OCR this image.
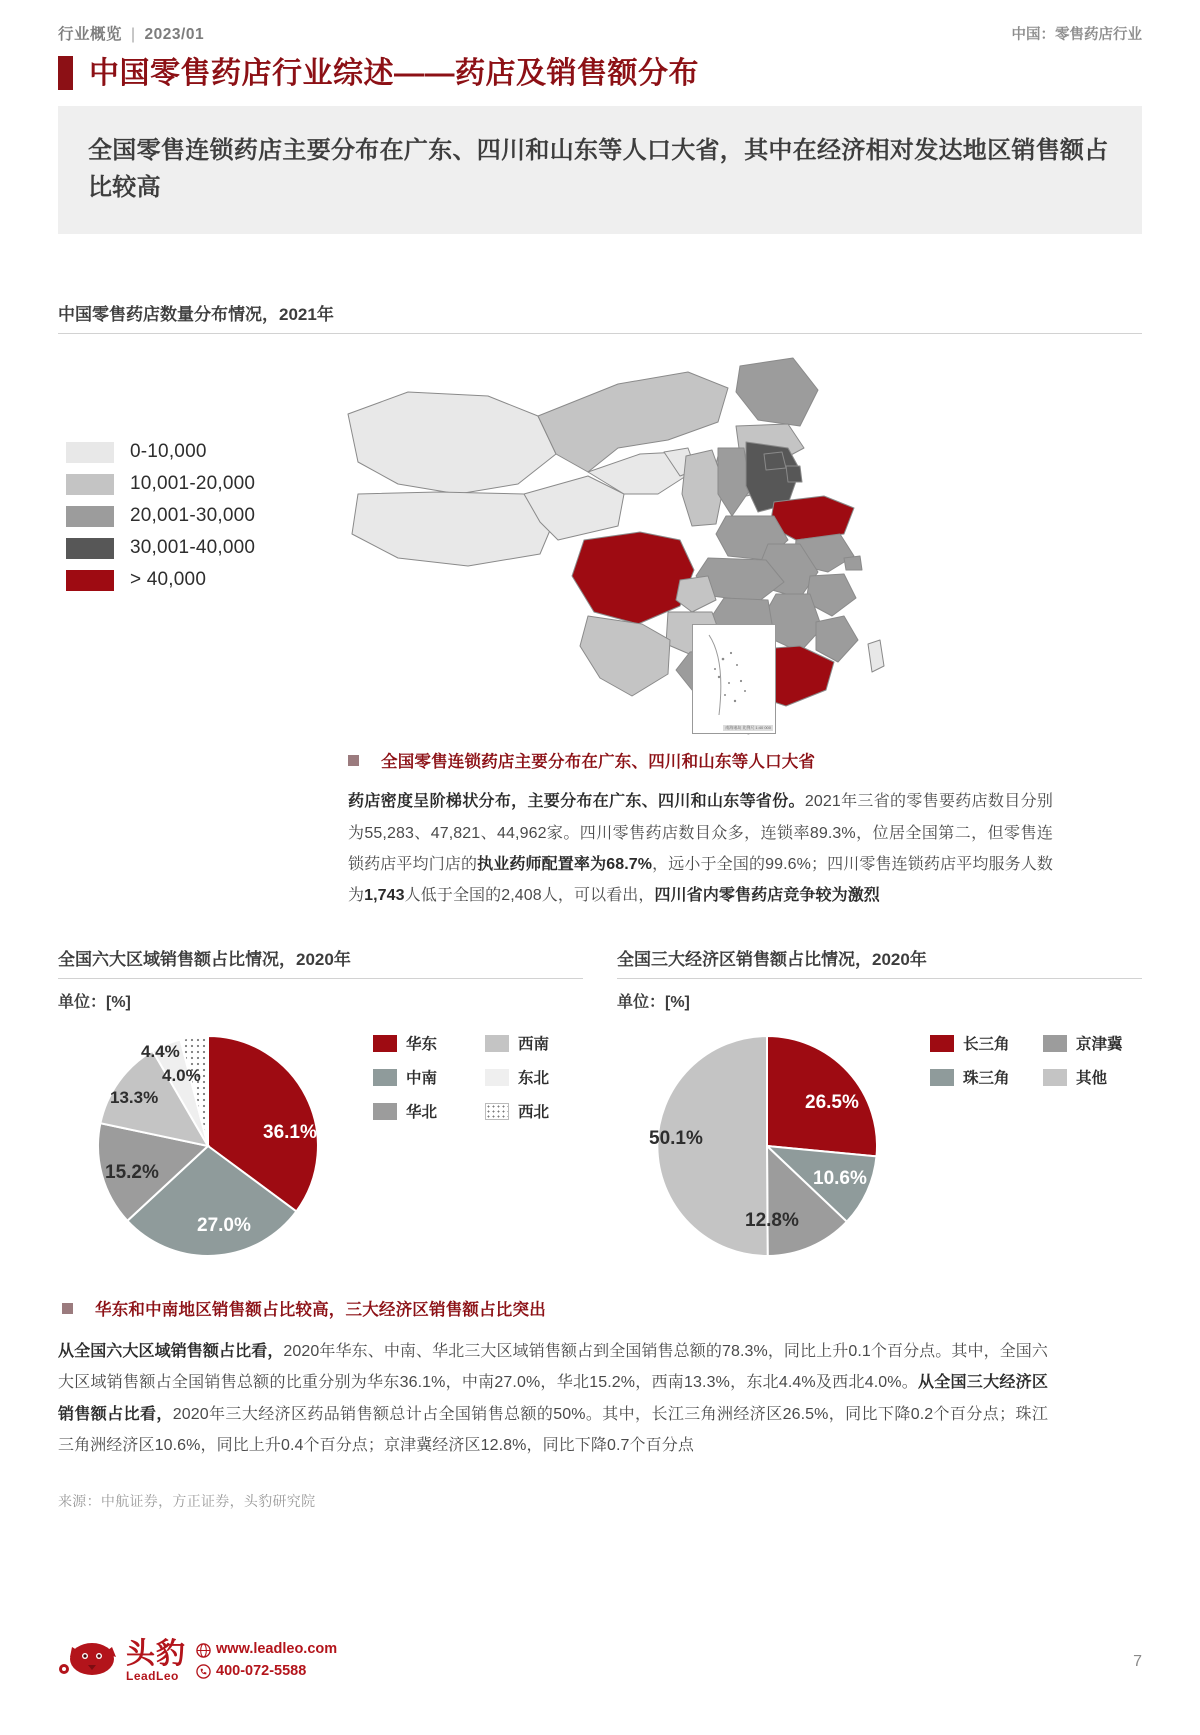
行业概览 | 2023/01	中国：零售药店行业
中国零售药店行业综述——药店及销售额分布
全国零售连锁药店主要分布在广东、四川和山东等人口大省，其中在经济相对发达地区销售额占比较高
中国零售药店数量分布情况，2021年
0-10,000
10,001-20,000
20,001-30,000
30,001-40,000
> 40,000
南海诸岛 比例尺 1:40 000
全国零售连锁药店主要分布在广东、四川和山东等人口大省
药店密度呈阶梯状分布，主要分布在广东、四川和山东等省份。2021年三省的零售要药店数目分别为55,283、47,821、44,962家。四川零售药店数目众多，连锁率89.3%，位居全国第二，但零售连锁药店平均门店的执业药师配置率为68.7%，远小于全国的99.6%；四川零售连锁药店平均服务人数为1,743人低于全国的2,408人，可以看出，四川省内零售药店竞争较为激烈
全国六大区域销售额占比情况，2020年
单位：[%]
36.1%
27.0%
15.2%
13.3%
4.4%
4.0%
华东	西南
中南	东北
华北	西北
全国三大经济区销售额占比情况，2020年
单位：[%]
26.5%
10.6%
12.8%
50.1%
长三角	京津冀
珠三角	其他
华东和中南地区销售额占比较高，三大经济区销售额占比突出
从全国六大区域销售额占比看，2020年华东、中南、华北三大区域销售额占到全国销售总额的78.3%，同比上升0.1个百分点。其中，全国六大区域销售额占全国销售总额的比重分别为华东36.1%，中南27.0%，华北15.2%，西南13.3%，东北4.4%及西北4.0%。从全国三大经济区销售额占比看，2020年三大经济区药品销售额总计占全国销售总额的50%。其中，长江三角洲经济区26.5%，同比下降0.2个百分点；珠江三角洲经济区10.6%，同比上升0.4个百分点；京津冀经济区12.8%，同比下降0.7个百分点
来源：中航证券，方正证券，头豹研究院
头豹
LeadLeo
www.leadleo.com
400-072-5588
7
